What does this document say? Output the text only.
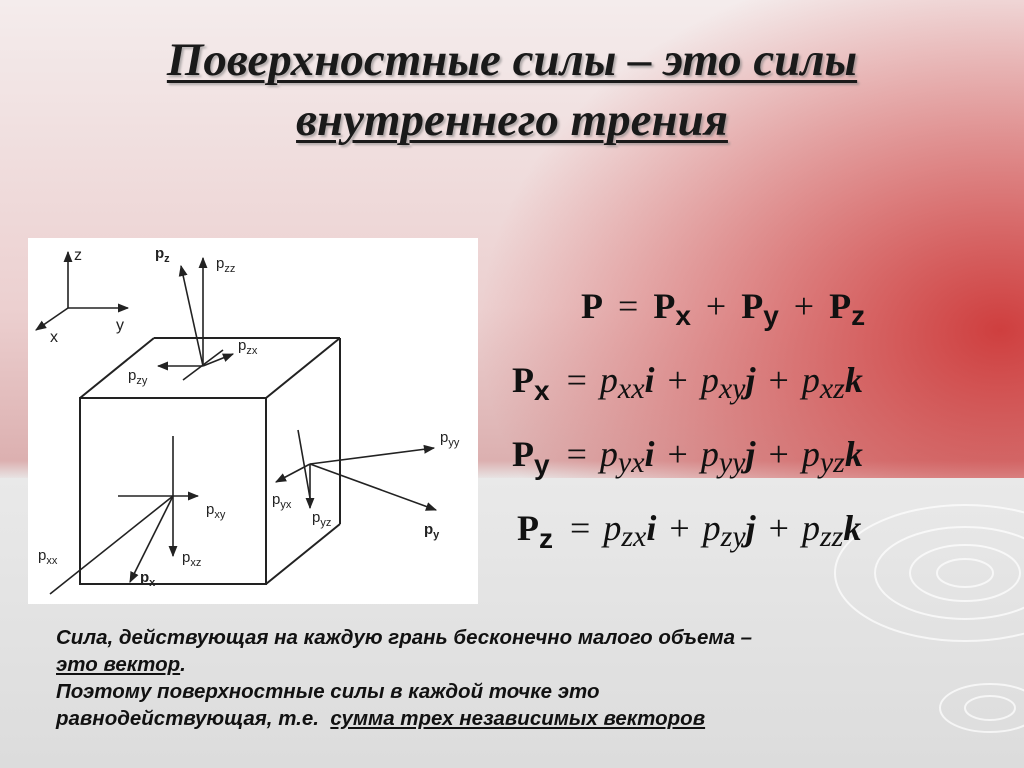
Поверхностные силы – это силы
внутреннего трения
z
y
x
$p_z$	$p_{zz}$
$p_{zx}$
$p_{zy}$
$p_{yy}$
$p_{yx}$
$p_{yz}$	$p_y$
$p_{xy}$
$p_{xx}$
$p_x$
$p_{xz}$
P = Px + Py + Pz
$P_x$ = pxxi + pxyj + pxzk
$P_y$ = pyxi + pyyj + pyzk
$P_z$ = pzxi + pzyj + pzzk

Сила, действующая на каждую грань бесконечно малого объема –

это вектор.

Поэтому поверхностные силы в каждой точке это

равнодействующая, т.е.  сумма трех независимых векторов
